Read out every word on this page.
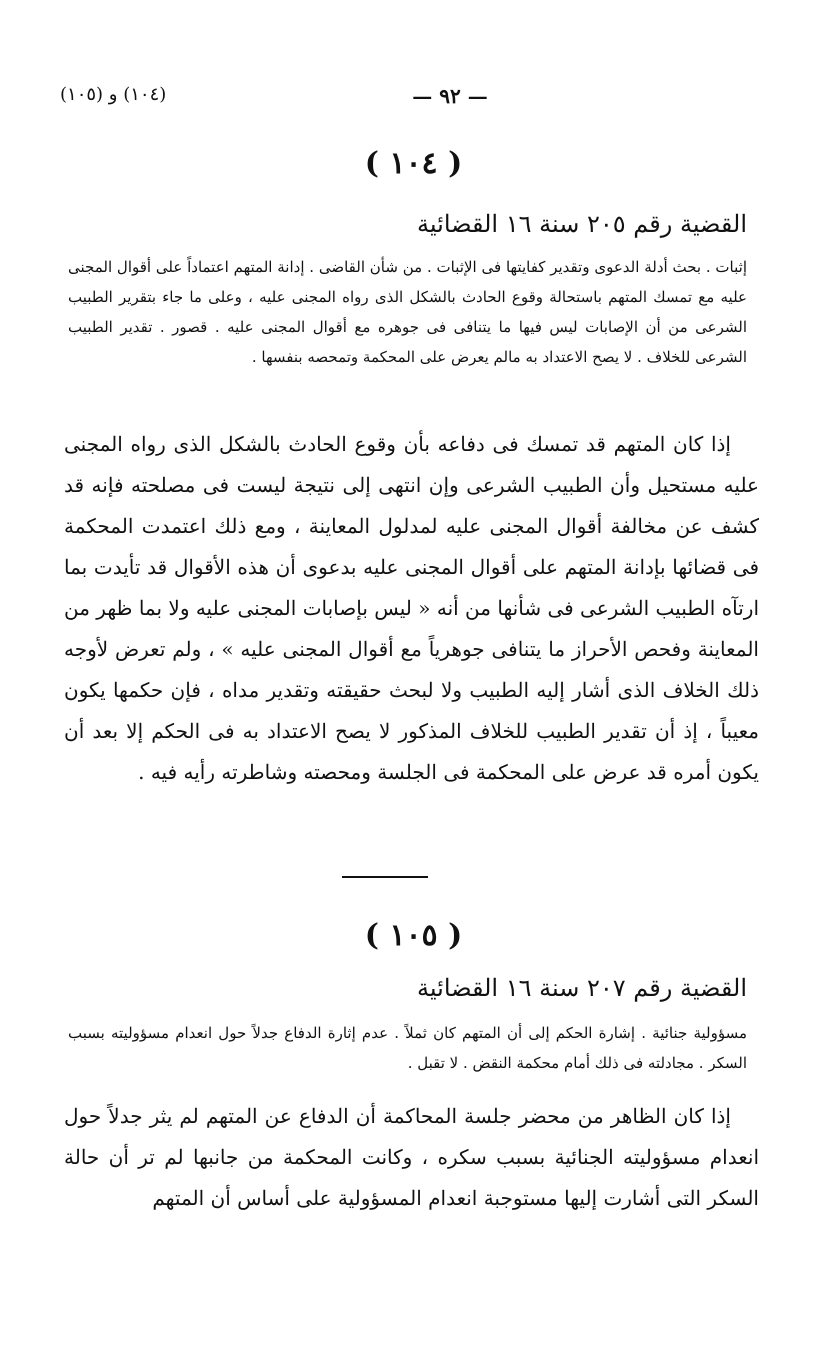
(١٠٤) و (١٠٥)	— ٩٢ —
( ١٠٤ )
القضية رقم ٢٠٥ سنة ١٦ القضائية

إثبات . بحث أدلة الدعوى وتقدير كفايتها فى الإثبات . من شأن القاضى . إدانة المتهم اعتماداً على أقوال المجنى عليه مع تمسك المتهم باستحالة وقوع الحادث بالشكل الذى رواه المجنى عليه ، وعلى ما جاء بتقرير الطبيب الشرعى من أن الإصابات ليس فيها ما يتنافى فى جوهره مع أقوال المجنى عليه . قصور . تقدير الطبيب الشرعى للخلاف . لا يصح الاعتداد به مالم يعرض على المحكمة وتمحصه بنفسها .

إذا كان المتهم قد تمسك فى دفاعه بأن وقوع الحادث بالشكل الذى رواه المجنى عليه مستحيل وأن الطبيب الشرعى وإن انتهى إلى نتيجة ليست فى مصلحته فإنه قد كشف عن مخالفة أقوال المجنى عليه لمدلول المعاينة ، ومع ذلك اعتمدت المحكمة فى قضائها بإدانة المتهم على أقوال المجنى عليه بدعوى أن هذه الأقوال قد تأيدت بما ارتآه الطبيب الشرعى فى شأنها من أنه « ليس بإصابات المجنى عليه ولا بما ظهر من المعاينة وفحص الأحراز ما يتنافى جوهرياً مع أقوال المجنى عليه » ، ولم تعرض لأوجه ذلك الخلاف الذى أشار إليه الطبيب ولا لبحث حقيقته وتقدير مداه ، فإن حكمها يكون معيباً ، إذ أن تقدير الطبيب للخلاف المذكور لا يصح الاعتداد به فى الحكم إلا بعد أن يكون أمره قد عرض على المحكمة فى الجلسة ومحصته وشاطرته رأيه فيه .

( ١٠٥ )
القضية رقم ٢٠٧ سنة ١٦ القضائية

مسؤولية جنائية . إشارة الحكم إلى أن المتهم كان ثملاً . عدم إثارة الدفاع جدلاً حول انعدام مسؤوليته بسبب السكر . مجادلته فى ذلك أمام محكمة النقض . لا تقبل .

إذا كان الظاهر من محضر جلسة المحاكمة أن الدفاع عن المتهم لم يثر جدلاً حول انعدام مسؤوليته الجنائية بسبب سكره ، وكانت المحكمة من جانبها لم تر أن حالة السكر التى أشارت إليها مستوجبة انعدام المسؤولية على أساس أن المتهم
